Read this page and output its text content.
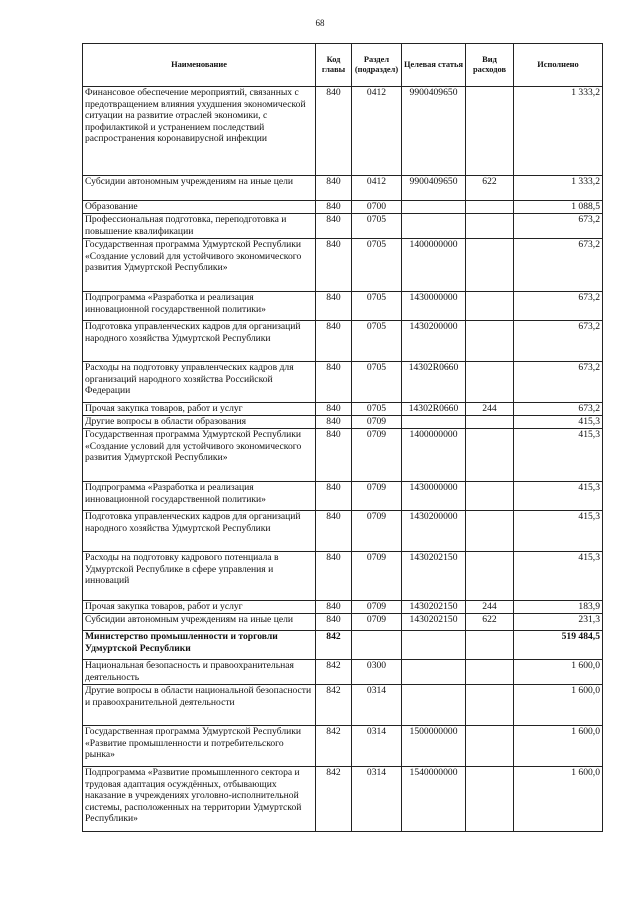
68
Наименование	Код главы	Раздел (подраздел)	Целевая статья	Вид расходов	Исполнено
Финансовое обеспечение мероприятий, связанных с предотвращением влияния ухудшения экономической ситуации на развитие отраслей экономики, с профилактикой и устранением последствий распространения коронавирусной инфекции	840	0412	9900409650		1 333,2
Субсидии автономным учреждениям на иные цели	840	0412	9900409650	622	1 333,2
Образование	840	0700			1 088,5
Профессиональная подготовка, переподготовка и повышение квалификации	840	0705			673,2
Государственная программа Удмуртской Республики «Создание условий для устойчивого экономического развития Удмуртской Республики»	840	0705	1400000000		673,2
Подпрограмма «Разработка и реализация инновационной государственной политики»	840	0705	1430000000		673,2
Подготовка управленческих кадров для организаций народного хозяйства Удмуртской Республики	840	0705	1430200000		673,2
Расходы на подготовку управленческих кадров для организаций народного хозяйства Российской Федерации	840	0705	14302R0660		673,2
Прочая закупка товаров, работ и услуг	840	0705	14302R0660	244	673,2
Другие вопросы в области образования	840	0709			415,3
Государственная программа Удмуртской Республики «Создание условий для устойчивого экономического развития Удмуртской Республики»	840	0709	1400000000		415,3
Подпрограмма «Разработка и реализация инновационной государственной политики»	840	0709	1430000000		415,3
Подготовка управленческих кадров для организаций народного хозяйства Удмуртской Республики	840	0709	1430200000		415,3
Расходы на подготовку кадрового потенциала в Удмуртской Республике в сфере управления и инноваций	840	0709	1430202150		415,3
Прочая закупка товаров, работ и услуг	840	0709	1430202150	244	183,9
Субсидии автономным учреждениям на иные цели	840	0709	1430202150	622	231,3
Министерство промышленности и торговли Удмуртской Республики	842				519 484,5
Национальная безопасность и правоохранительная деятельность	842	0300			1 600,0
Другие вопросы в области национальной безопасности и правоохранительной деятельности	842	0314			1 600,0
Государственная программа Удмуртской Республики «Развитие промышленности и потребительского рынка»	842	0314	1500000000		1 600,0
Подпрограмма «Развитие промышленного сектора и трудовая адаптация осуждённых, отбывающих наказание в учреждениях уголовно-исполнительной системы, расположенных на территории Удмуртской Республики»	842	0314	1540000000		1 600,0
